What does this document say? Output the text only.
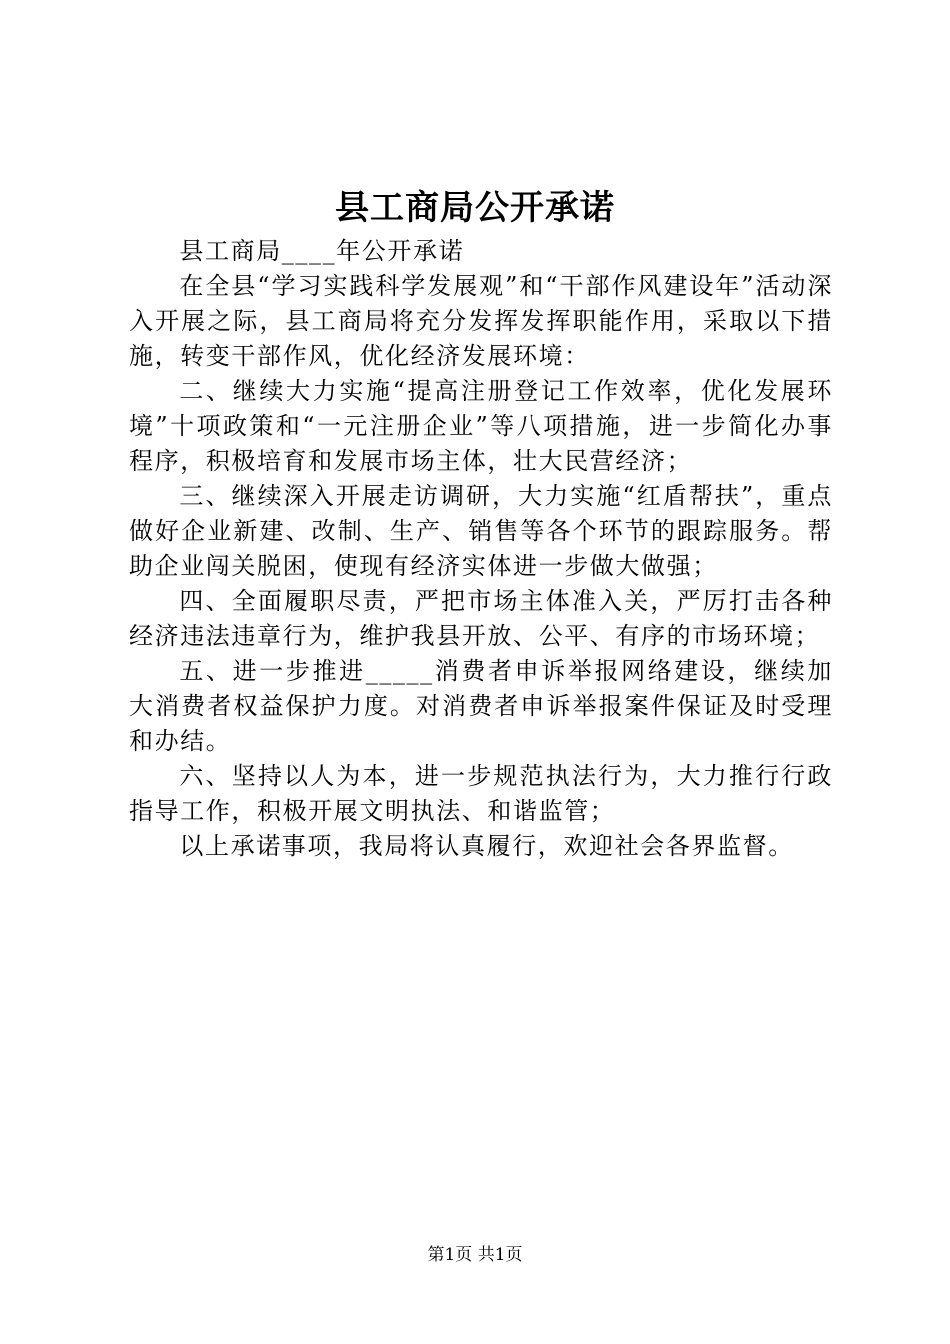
县工商局公开承诺

县工商局____年公开承诺

在全县“学习实践科学发展观”和“干部作风建设年”活动深入开展之际，县工商局将充分发挥发挥职能作用，采取以下措施，转变干部作风，优化经济发展环境：

二、继续大力实施“提高注册登记工作效率，优化发展环境”十项政策和“一元注册企业”等八项措施，进一步简化办事程序，积极培育和发展市场主体，壮大民营经济；

三、继续深入开展走访调研，大力实施“红盾帮扶”，重点做好企业新建、改制、生产、销售等各个环节的跟踪服务。帮助企业闯关脱困，使现有经济实体进一步做大做强；

四、全面履职尽责，严把市场主体准入关，严厉打击各种经济违法违章行为，维护我县开放、公平、有序的市场环境；

五、进一步推进_____消费者申诉举报网络建设，继续加大消费者权益保护力度。对消费者申诉举报案件保证及时受理和办结。

六、坚持以人为本，进一步规范执法行为，大力推行行政指导工作，积极开展文明执法、和谐监管；

以上承诺事项，我局将认真履行，欢迎社会各界监督。

第1页 共1页
